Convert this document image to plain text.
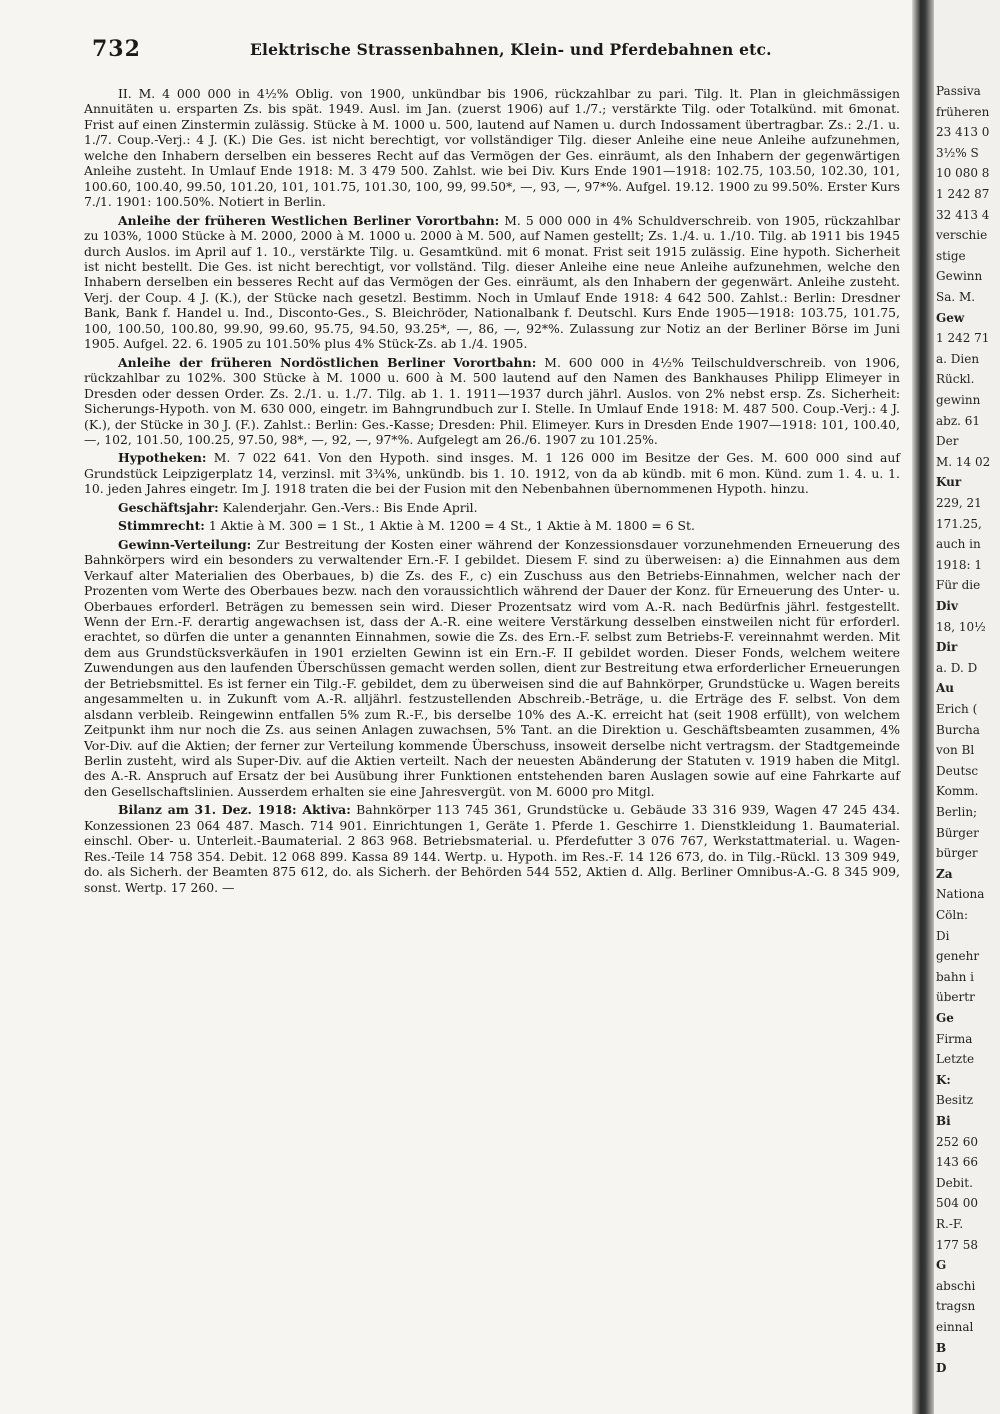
732	Elektrische Strassenbahnen, Klein- und Pferdebahnen etc.

II. M. 4 000 000 in 4½% Oblig. von 1900, unkündbar bis 1906, rückzahlbar zu pari. Tilg. lt. Plan in gleichmässigen Annuitäten u. ersparten Zs. bis spät. 1949. Ausl. im Jan. (zuerst 1906) auf 1./7.; verstärkte Tilg. oder Totalkünd. mit 6monat. Frist auf einen Zinstermin zulässig. Stücke à M. 1000 u. 500, lautend auf Namen u. durch Indossament übertragbar. Zs.: 2./1. u. 1./7. Coup.-Verj.: 4 J. (K.) Die Ges. ist nicht berechtigt, vor vollständiger Tilg. dieser Anleihe eine neue Anleihe aufzunehmen, welche den Inhabern derselben ein besseres Recht auf das Vermögen der Ges. einräumt, als den Inhabern der gegenwärtigen Anleihe zusteht. In Umlauf Ende 1918: M. 3 479 500. Zahlst. wie bei Div. Kurs Ende 1901—1918: 102.75, 103.50, 102.30, 101, 100.60, 100.40, 99.50, 101.20, 101, 101.75, 101.30, 100, 99, 99.50*, —, 93, —, 97*%. Aufgel. 19.12. 1900 zu 99.50%. Erster Kurs 7./1. 1901: 100.50%. Notiert in Berlin.

Anleihe der früheren Westlichen Berliner Vorortbahn: M. 5 000 000 in 4% Schuldverschreib. von 1905, rückzahlbar zu 103%, 1000 Stücke à M. 2000, 2000 à M. 1000 u. 2000 à M. 500, auf Namen gestellt; Zs. 1./4. u. 1./10. Tilg. ab 1911 bis 1945 durch Auslos. im April auf 1. 10., verstärkte Tilg. u. Gesamtkünd. mit 6 monat. Frist seit 1915 zulässig. Eine hypoth. Sicherheit ist nicht bestellt. Die Ges. ist nicht berechtigt, vor vollständ. Tilg. dieser Anleihe eine neue Anleihe aufzunehmen, welche den Inhabern derselben ein besseres Recht auf das Vermögen der Ges. einräumt, als den Inhabern der gegenwärt. Anleihe zusteht. Verj. der Coup. 4 J. (K.), der Stücke nach gesetzl. Bestimm. Noch in Umlauf Ende 1918: 4 642 500. Zahlst.: Berlin: Dresdner Bank, Bank f. Handel u. Ind., Disconto-Ges., S. Bleichröder, Nationalbank f. Deutschl. Kurs Ende 1905—1918: 103.75, 101.75, 100, 100.50, 100.80, 99.90, 99.60, 95.75, 94.50, 93.25*, —, 86, —, 92*%. Zulassung zur Notiz an der Berliner Börse im Juni 1905. Aufgel. 22. 6. 1905 zu 101.50% plus 4% Stück-Zs. ab 1./4. 1905.

Anleihe der früheren Nordöstlichen Berliner Vorortbahn: M. 600 000 in 4½% Teilschuldverschreib. von 1906, rückzahlbar zu 102%. 300 Stücke à M. 1000 u. 600 à M. 500 lautend auf den Namen des Bankhauses Philipp Elimeyer in Dresden oder dessen Order. Zs. 2./1. u. 1./7. Tilg. ab 1. 1. 1911—1937 durch jährl. Auslos. von 2% nebst ersp. Zs. Sicherheit: Sicherungs-Hypoth. von M. 630 000, eingetr. im Bahngrundbuch zur I. Stelle. In Umlauf Ende 1918: M. 487 500. Coup.-Verj.: 4 J. (K.), der Stücke in 30 J. (F.). Zahlst.: Berlin: Ges.-Kasse; Dresden: Phil. Elimeyer. Kurs in Dresden Ende 1907—1918: 101, 100.40, —, 102, 101.50, 100.25, 97.50, 98*, —, 92, —, 97*%. Aufgelegt am 26./6. 1907 zu 101.25%.

Hypotheken: M. 7 022 641. Von den Hypoth. sind insges. M. 1 126 000 im Besitze der Ges. M. 600 000 sind auf Grundstück Leipzigerplatz 14, verzinsl. mit 3¾%, unkündb. bis 1. 10. 1912, von da ab kündb. mit 6 mon. Künd. zum 1. 4. u. 1. 10. jeden Jahres eingetr. Im J. 1918 traten die bei der Fusion mit den Nebenbahnen übernommenen Hypoth. hinzu.

Geschäftsjahr: Kalenderjahr. Gen.-Vers.: Bis Ende April.

Stimmrecht: 1 Aktie à M. 300 = 1 St., 1 Aktie à M. 1200 = 4 St., 1 Aktie à M. 1800 = 6 St.

Gewinn-Verteilung: Zur Bestreitung der Kosten einer während der Konzessionsdauer vorzunehmenden Erneuerung des Bahnkörpers wird ein besonders zu verwaltender Ern.-F. I gebildet. Diesem F. sind zu überweisen: a) die Einnahmen aus dem Verkauf alter Materialien des Oberbaues, b) die Zs. des F., c) ein Zuschuss aus den Betriebs-Einnahmen, welcher nach der Prozenten vom Werte des Oberbaues bezw. nach den voraussichtlich während der Dauer der Konz. für Erneuerung des Unter- u. Oberbaues erforderl. Beträgen zu bemessen sein wird. Dieser Prozentsatz wird vom A.-R. nach Bedürfnis jährl. festgestellt. Wenn der Ern.-F. derartig angewachsen ist, dass der A.-R. eine weitere Verstärkung desselben einstweilen nicht für erforderl. erachtet, so dürfen die unter a genannten Einnahmen, sowie die Zs. des Ern.-F. selbst zum Betriebs-F. vereinnahmt werden. Mit dem aus Grundstücksverkäufen in 1901 erzielten Gewinn ist ein Ern.-F. II gebildet worden. Dieser Fonds, welchem weitere Zuwendungen aus den laufenden Überschüssen gemacht werden sollen, dient zur Bestreitung etwa erforderlicher Erneuerungen der Betriebsmittel. Es ist ferner ein Tilg.-F. gebildet, dem zu überweisen sind die auf Bahnkörper, Grundstücke u. Wagen bereits angesammelten u. in Zukunft vom A.-R. alljährl. festzustellenden Abschreib.-Beträge, u. die Erträge des F. selbst. Von dem alsdann verbleib. Reingewinn entfallen 5% zum R.-F., bis derselbe 10% des A.-K. erreicht hat (seit 1908 erfüllt), von welchem Zeitpunkt ihm nur noch die Zs. aus seinen Anlagen zuwachsen, 5% Tant. an die Direktion u. Geschäftsbeamten zusammen, 4% Vor-Div. auf die Aktien; der ferner zur Verteilung kommende Überschuss, insoweit derselbe nicht vertragsm. der Stadtgemeinde Berlin zusteht, wird als Super-Div. auf die Aktien verteilt. Nach der neuesten Abänderung der Statuten v. 1919 haben die Mitgl. des A.-R. Anspruch auf Ersatz der bei Ausübung ihrer Funktionen entstehenden baren Auslagen sowie auf eine Fahrkarte auf den Gesellschaftslinien. Ausserdem erhalten sie eine Jahresvergüt. von M. 6000 pro Mitgl.

Bilanz am 31. Dez. 1918: Aktiva: Bahnkörper 113 745 361, Grundstücke u. Gebäude 33 316 939, Wagen 47 245 434. Konzessionen 23 064 487. Masch. 714 901. Einrichtungen 1, Geräte 1. Pferde 1. Geschirre 1. Dienstkleidung 1. Baumaterial. einschl. Ober- u. Unterleit.-Baumaterial. 2 863 968. Betriebsmaterial. u. Pferdefutter 3 076 767, Werkstattmaterial. u. Wagen-Res.-Teile 14 758 354. Debit. 12 068 899. Kassa 89 144. Wertp. u. Hypoth. im Res.-F. 14 126 673, do. in Tilg.-Rückl. 13 309 949, do. als Sicherh. der Beamten 875 612, do. als Sicherh. der Behörden 544 552, Aktien d. Allg. Berliner Omnibus-A.-G. 8 345 909, sonst. Wertp. 17 260. —

Passiva
früheren
23 413 0
3½% S
10 080 8
1 242 87
32 413 4
verschie
stige
Gewinn
Sa. M.
Gew
1 242 71
a. Dien
Rückl.
gewinn
abz. 61
Der
M. 14 02
Kur
229, 21
171.25,
auch in
1918: 1
Für die
Div
18, 10½
Dir
a. D. D
Au
Erich (
Burcha
von Bl
Deutsc
Komm.
Berlin;
Bürger
bürger
Za
Nationa
Cöln:
Di
genehr
bahn i
übertr
Ge
Firma
Letzte
K:
Besitz
Bi
252 60
143 66
Debit.
504 00
R.-F.
177 58
G
abschi
tragsn
einnal
B
D
